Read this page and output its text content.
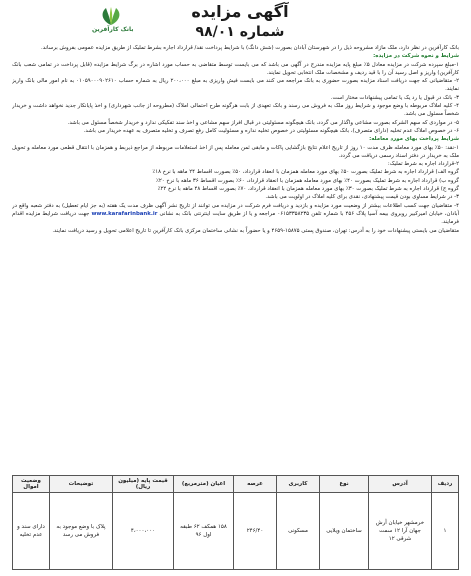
بانک کارآفرین
آگهی مزایده
شماره ۹۸/۰۱

بانک کارآفرین در نظر دارد، ملک مازاد مشروحه ذیل را در شهرستان آبادان بصورت (شش دانگ) با شرایط پرداخت نقد/ قرارداد اجاره بشرط تملیک از طریق مزایده عمومی بفروش برساند.

شرایط و نحوه شرکت در مزایده:

۱-مبلغ سپرده شرکت در مزایده معادل ۵٪ مبلغ پایه مزایده مندرج در آگهی می باشد که می بایست توسط متقاضی به حساب مورد اشاره در برگ شرایط مزایده (قابل پرداخت در تمامی شعب بانک کارآفرین) واریز و اصل رسید آن را با قید ردیف و مشخصات ملک انتخابی تحویل نمایند.

۲- متقاضیانی که جهت دریافت اسناد مزایده بصورت حضوری به بانک مراجعه می کنند می بایست فیش واریزی به مبلغ ۲۰۰،۰۰۰ ریال به شماره حساب ۰۱۰۵۹۰۰۰۹۰۲۶۱۰ به نام امور مالی بانک واریز نمایند.

۳- بانک در قبول یا رد یک یا تمامی پیشنهادات مختار است.

۴- کلیه املاک مربوطه با وضع موجود و شرایط روز ملک به فروش می رسند و بانک تعهدی از بابت هرگونه طرح احتمالی املاک (مطروحه از جانب شهرداری) و اخذ پایانکار جدید نخواهد داشت و خریدار شخصاً مسئول می باشد.

۵- در مواردی که سهم الشرکه بصورت مشاعی واگذار می گردد، بانک هیچگونه مسئولیتی در قبال افراز سهم مشاعی و اخذ سند تفکیکی ندارد و خریدار شخصاً مسئول می باشد.

۶- در خصوص املاک عدم تخلیه (دارای متصرف)، بانک هیچگونه مسئولیتی در خصوص تخلیه نداره و مسئولیت کامل رفع تصرف و تخلیه متصرف به عهده خریدار می باشد.

شرایط پرداخت بهای مورد معامله:

۱-نقد: ۵۰٪ بهای مورد معامله ظرف مدت ۱۰ روز از تاریخ اعلام نتایج بازگشایی پاکات و مابقی ثمن معامله پس از اخذ استعلامات مربوطه از مراجع ذیربط و همزمان با انتقال قطعی مورد معامله و تحویل ملک به خریدار در دفتر اسناد رسمی دریافت می گردد.

۲-قرارداد اجاره به شرط تملیک:

گروه الف) قرارداد اجاره به شرط تملیک بصورت ۵۰٪ بهای مورد معامله همزمان با انعقاد قرارداد، ۵۰٪ بصورت اقساط ۲۴ ماهه با نرخ ۱۸٪

گروه ب) قرارداد اجاره به شرط تملیک بصورت ۴۰٪ بهای مورد معامله همزمان با انعقاد قرارداد، ۶۰٪ بصورت اقساط ۳۶ ماهه با نرخ ۲۰٪

گروه ج) قرارداد اجاره به شرط تملیک بصورت ۳۰٪ بهای مورد معامله همزمان با انعقاد قرارداد، ۷۰٪ بصورت اقساط ۴۸ ماهه با نرخ ۲۲٪

۳- در شرایط مساوی بودن قیمت پیشنهادی، نقدی برای کلیه املاک در اولویت می باشد.

۴- متقاضیان جهت کسب اطلاعات بیشتر از وضعیت مورد مزایده و بازدید و دریافت فرم شرکت در مزایده می توانند از تاریخ نشر آگهی ظرف مدت یک هفته (به جز ایام تعطیل) به دفتر شعبه واقع در آبادان، خیابان امیرکبیر روبروی بیمه آسیا پلاک ۴۵۶ با شماره تلفن ۰۶۱۵۳۳۵۸۲۳۵ مراجعه و یا از طریق سایت اینترنتی بانک به نشانی www.karafarinbank.ir جهت دریافت شرایط مزایده اقدام فرمایند.

متقاضیان می بایستی پیشنهادات خود را به آدرس: تهران، صندوق پستی ۱۵۸۷۵-۴۶۵۹ و یا حضوراً به نشانی ساختمان مرکزی بانک کارآفرین تا تاریخ اعلامی تحویل و رسید دریافت نمایند.

ردیف	آدرس	نوع	کاربری	عرصه	اعیان (مترمربع)	قیمت پایه (میلیون ریال)	توضیحات	وضعیت اموال
۱	خرمشهر خیابان آرش جهان آرا ۱۲ سمت شرقی ۱۲	ساختمان ویلایی	مسکونی	۲۴۶/۴۰	۱۵۸ همکف ۶۲ طبقه اول ۹۶	۴،۰۰۰،۰۰۰	پلاک با وضع موجود به فروش می رسد	دارای سند و عدم تخلیه
